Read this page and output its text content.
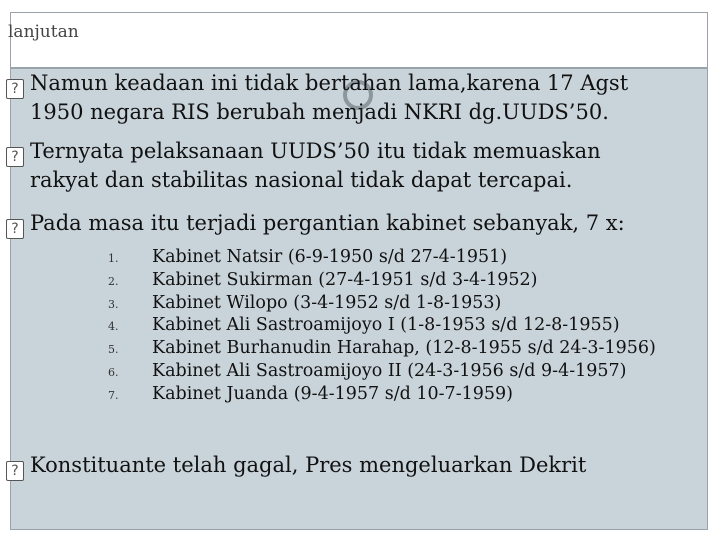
lanjutan
? Namun keadaan ini tidak bertahan lama,karena 17 Agst
1950 negara RIS berubah menjadi NKRI dg.UUDS’50.
? Ternyata pelaksanaan UUDS’50 itu tidak memuaskan
rakyat dan stabilitas nasional tidak dapat tercapai.
? Pada masa itu terjadi pergantian kabinet sebanyak, 7 x:
1. Kabinet Natsir (6-9-1950 s/d 27-4-1951)
2. Kabinet Sukirman (27-4-1951 s/d 3-4-1952)
3. Kabinet Wilopo (3-4-1952 s/d 1-8-1953)
4. Kabinet Ali Sastroamijoyo I (1-8-1953 s/d 12-8-1955)
5. Kabinet Burhanudin Harahap, (12-8-1955 s/d 24-3-1956)
6. Kabinet Ali Sastroamijoyo II (24-3-1956 s/d 9-4-1957)
7. Kabinet Juanda (9-4-1957 s/d 10-7-1959)
? Konstituante telah gagal, Pres mengeluarkan Dekrit
